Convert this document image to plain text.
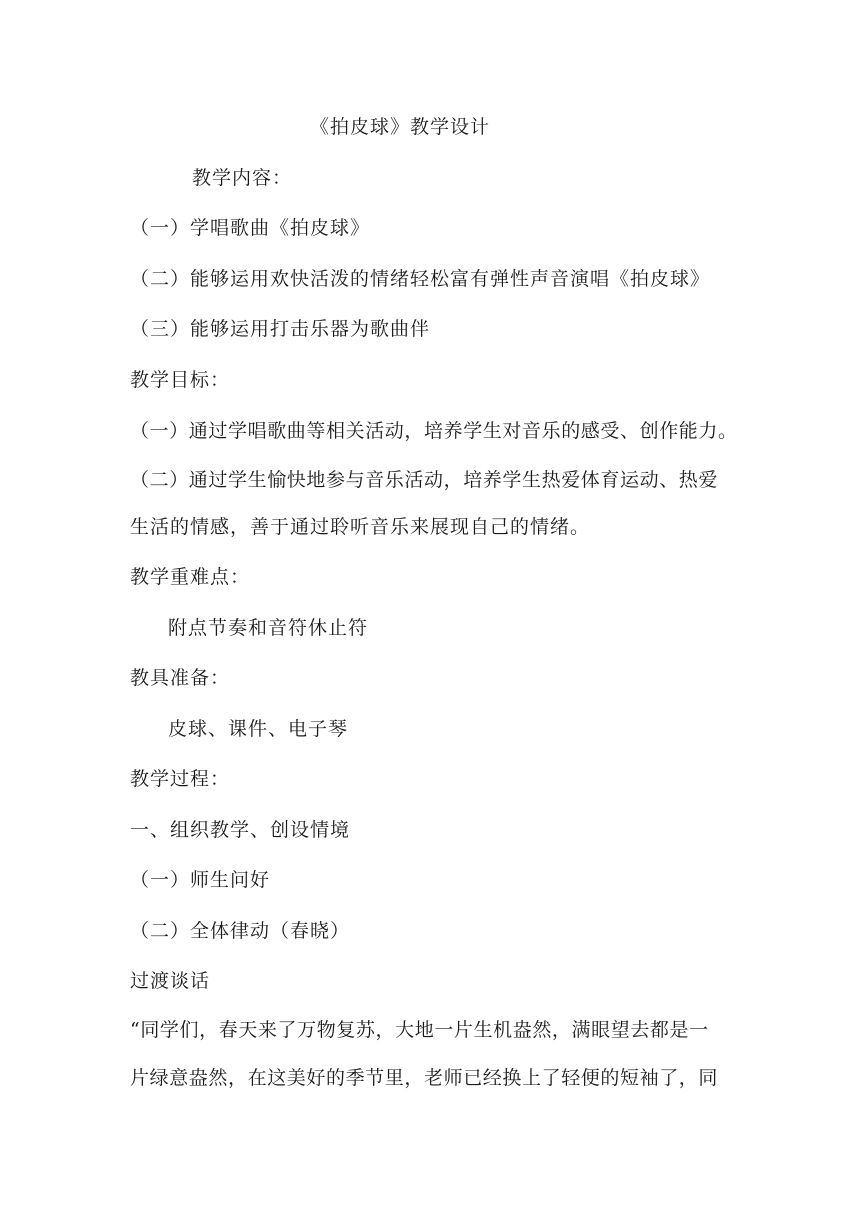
《拍皮球》教学设计
教学内容：
（一）学唱歌曲《拍皮球》
（二）能够运用欢快活泼的情绪轻松富有弹性声音演唱《拍皮球》
（三）能够运用打击乐器为歌曲伴
教学目标：
（一）通过学唱歌曲等相关活动，培养学生对音乐的感受、创作能力。
（二）通过学生愉快地参与音乐活动，培养学生热爱体育运动、热爱
生活的情感，善于通过聆听音乐来展现自己的情绪。
教学重难点：
附点节奏和音符休止符
教具准备：
皮球、课件、电子琴
教学过程：
一、组织教学、创设情境
（一）师生问好
（二）全体律动（春晓）
过渡谈话
“同学们，春天来了万物复苏，大地一片生机盎然，满眼望去都是一
片绿意盎然，在这美好的季节里，老师已经换上了轻便的短袖了，同
